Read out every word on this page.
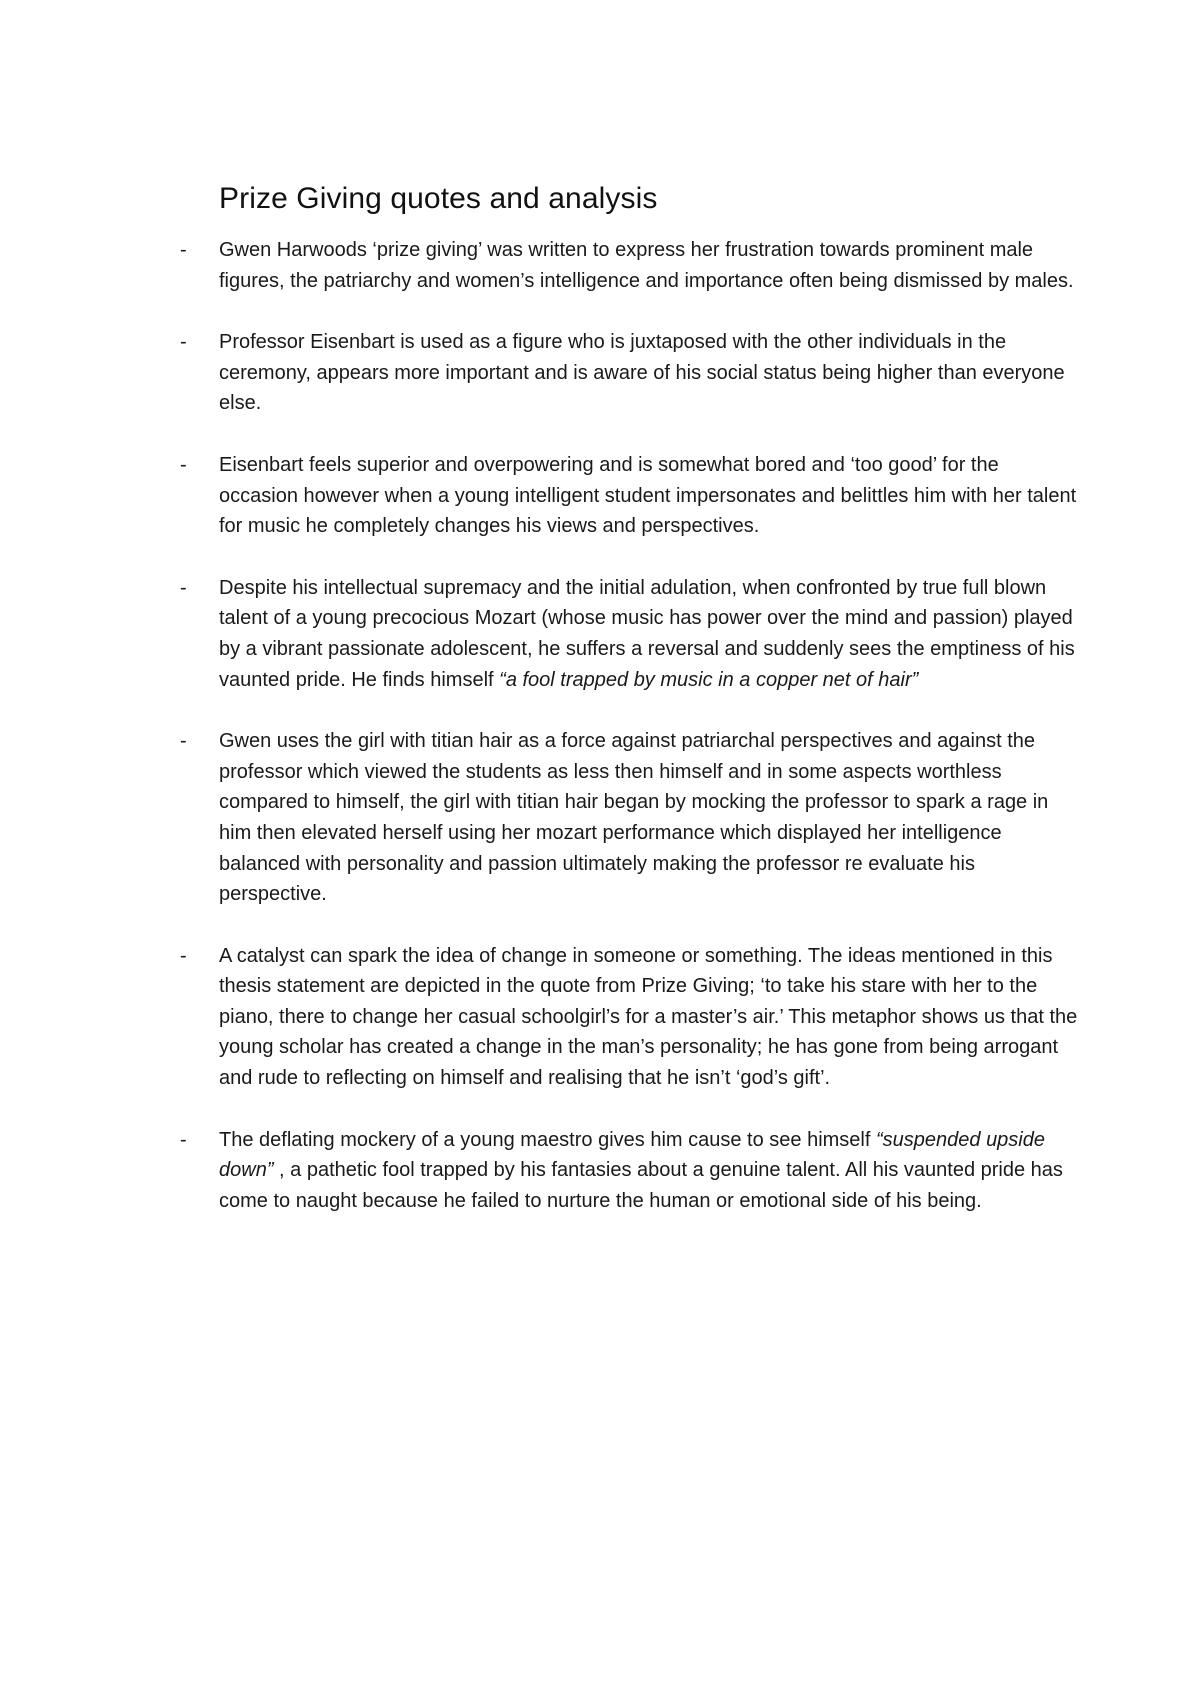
Prize Giving quotes and analysis
-	Gwen Harwoods ‘prize giving’ was written to express her frustration towards prominent male figures, the patriarchy and women’s intelligence and importance often being dismissed by males.
-	Professor Eisenbart is used as a figure who is juxtaposed with the other individuals in the ceremony, appears more important and is aware of his social status being higher than everyone else.
-	Eisenbart feels superior and overpowering and is somewhat bored and ‘too good’ for the occasion however when a young intelligent student impersonates and belittles him with her talent for music he completely changes his views and perspectives.
-	Despite his intellectual supremacy and the initial adulation, when confronted by true full blown talent of a young precocious Mozart (whose music has power over the mind and passion) played by a vibrant passionate adolescent, he suffers a reversal and suddenly sees the emptiness of his vaunted pride. He finds himself “a fool trapped by music in a copper net of hair”
-	Gwen uses the girl with titian hair as a force against patriarchal perspectives and against the professor which viewed the students as less then himself and in some aspects worthless compared to himself, the girl with titian hair began by mocking the professor to spark a rage in him then elevated herself using her mozart performance which displayed her intelligence balanced with personality and passion ultimately making the professor re evaluate his perspective.
-	A catalyst can spark the idea of change in someone or something. The ideas mentioned in this thesis statement are depicted in the quote from Prize Giving; ‘to take his stare with her to the piano, there to change her casual schoolgirl’s for a master’s air.’ This metaphor shows us that the young scholar has created a change in the man’s personality; he has gone from being arrogant and rude to reflecting on himself and realising that he isn’t ‘god’s gift’.
-	The deflating mockery of a young maestro gives him cause to see himself “suspended upside down” , a pathetic fool trapped by his fantasies about a genuine talent. All his vaunted pride has come to naught because he failed to nurture the human or emotional side of his being.
